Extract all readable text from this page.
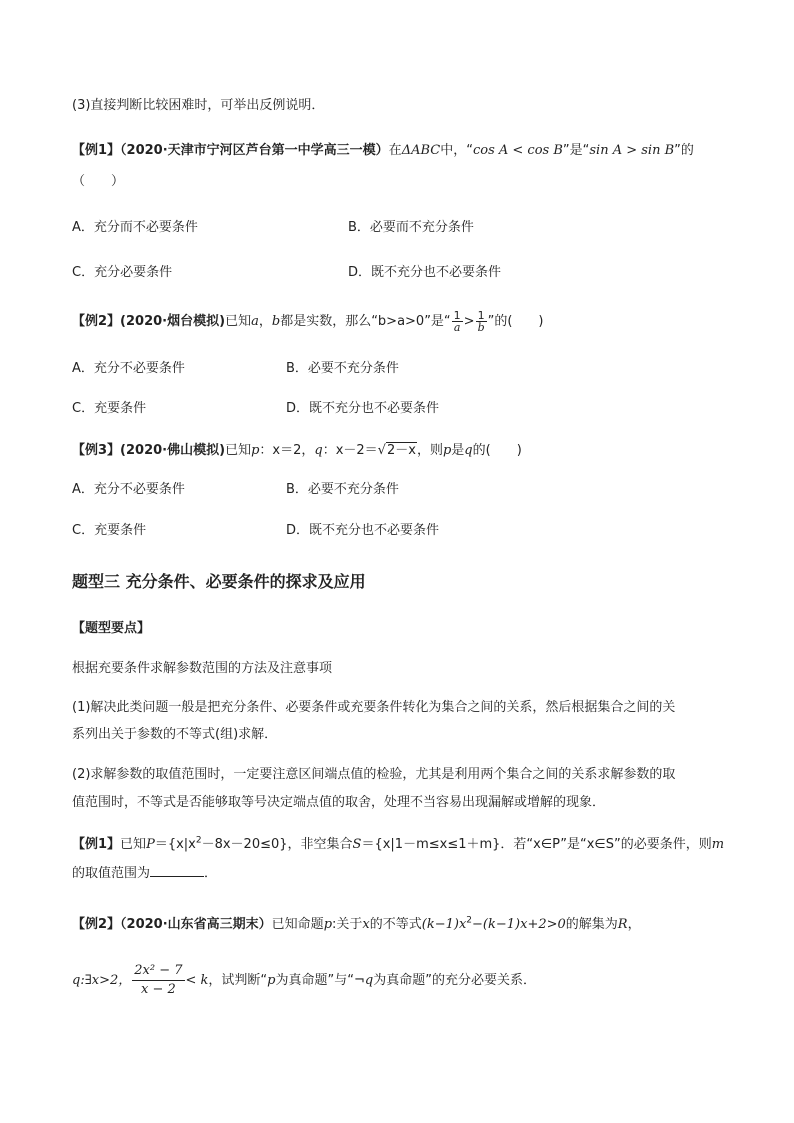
(3)直接判断比较困难时，可举出反例说明．
【例1】（2020·天津市宁河区芦台第一中学高三一模）在ΔABC中，“cos A < cos B”是“sin A > sin B”的
（　　）
A．充分而不必要条件	B．必要而不充分条件
C．充分必要条件	D．既不充分也不必要条件
【例2】(2020·烟台模拟)已知a，b都是实数，那么“b>a>0”是“ $\frac{1}{a} > \frac{1}{b}$ ”的(　　)
A．充分不必要条件	B．必要不充分条件
C．充要条件	D．既不充分也不必要条件
【例3】(2020·佛山模拟)已知p：x＝2，q：x－2＝√2－x，则p是q的(　　)
A．充分不必要条件	B．必要不充分条件
C．充要条件	D．既不充分也不必要条件
题型三 充分条件、必要条件的探求及应用
【题型要点】
根据充要条件求解参数范围的方法及注意事项
(1)解决此类问题一般是把充分条件、必要条件或充要条件转化为集合之间的关系，然后根据集合之间的关
系列出关于参数的不等式(组)求解．
(2)求解参数的取值范围时，一定要注意区间端点值的检验，尤其是利用两个集合之间的关系求解参数的取
值范围时，不等式是否能够取等号决定端点值的取舍，处理不当容易出现漏解或增解的现象．
【例1】已知$P=\{x|x^2-8x-20\le 0\}$，非空集合S＝{x|1－m≤x≤1＋m}．若“x∈P”是“x∈S”的必要条件，则m
的取值范围为	．
【例2】（2020·山东省高三期末）已知命题p:关于x的不等式$(k-1)x^2-(k-1)x+2>0$的解集为R，
q:∃x>2， $\frac{\text{2x² − 7}}{x - 2} < k$，试判断“p为真命题”与“¬q为真命题”的充分必要关系．
